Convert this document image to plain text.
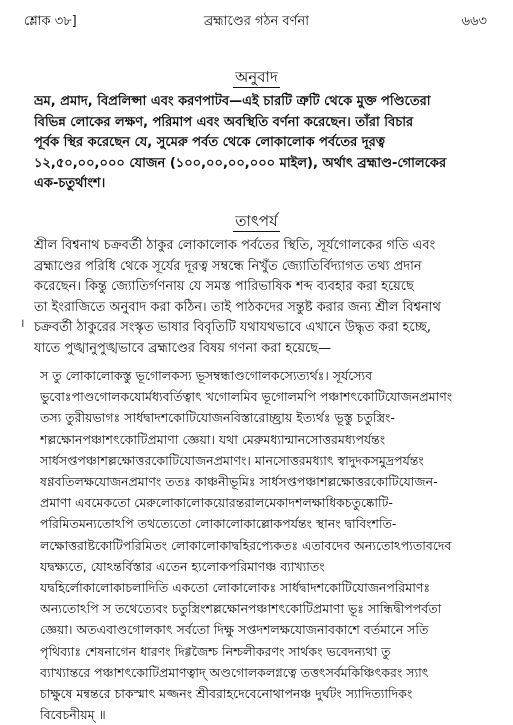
শ্লোক ৩৮]	ব্রহ্মাণ্ডের গঠন বর্ণনা	৬৬৩
অনুবাদ
ভ্রম, প্রমাদ, বিপ্রলিপ্সা এবং করণপাটব—এই চারটি ত্রুটি থেকে মুক্ত পণ্ডিতেরা
বিভিন্ন লোকের লক্ষণ, পরিমাপ এবং অবস্থিতি বর্ণনা করেছেন। তাঁরা বিচার
পূর্বক স্থির করেছেন যে, সুমেরু পর্বত থেকে লোকালোক পর্বতের দূরত্ব
১২,৫০,০০,০০০ যোজন (১০০,০০,০০,০০০ মাইল), অর্থাৎ ব্রহ্মাণ্ড-গোলকের
এক-চতুর্থাংশ।
তাৎপর্য
শ্রীল বিশ্বনাথ চক্রবর্তী ঠাকুর লোকালোক পর্বতের স্থিতি, সূর্যগোলকের গতি এবং
ব্রহ্মাণ্ডের পরিধি থেকে সূর্যের দূরত্ব সম্বন্ধে নিখুঁত জ্যোতির্বিদ্যাগত তথ্য প্রদান
করেছেন। কিন্তু জ্যোতির্গণনায় যে সমস্ত পারিভাষিক শব্দ ব্যবহার করা হয়েছে
তা ইংরাজিতে অনুবাদ করা কঠিন। তাই পাঠকদের সন্তুষ্ট করার জন্য শ্রীল বিশ্বনাথ
চক্রবর্তী ঠাকুরের সংস্কৃত ভাষার বিবৃতিটি যথাযথভাবে এখানে উদ্ধৃত করা হচ্ছে,
যাতে পুঙ্খানুপুঙ্খভাবে ব্রহ্মাণ্ডের বিষয় গণনা করা হয়েছে—
।
স তু লোকালোকস্তু ভূগোলকস্য ভূসম্বন্ধাণ্ডগোলকস্যেত্যর্থঃ। সূর্যস্যেব
ভুবোঃপাণ্ডগোলকযোর্মধ্যবর্তিত্বাৎ খগোলমিব ভূগোলমপি পঞ্চাশৎকোটিযোজনপ্রমাণং
তস্য তুরীয়ভাগঃ সার্ধদ্বাদশকোটিযোজনবিস্তারোচ্ছ্রায় ইত্যর্থঃ ভূস্তু চতুস্ত্রিং-
শল্লক্ষোনপঞ্চাশৎকোটিপ্রমাণা জ্ঞেয়া। যথা মেরুমধ্যান্মানসোত্তরমধ্যপর্যন্তং
সার্ধসপ্তপঞ্চাশল্লক্ষোত্তরকোটিযোজনপ্রমাণং। মানসোত্তরমধ্যাৎ স্বাদুদকসমুদ্রপর্যন্তং
ষণ্ণবতিলক্ষযোজনপ্রমাণং ততঃ কাঞ্চনীভূমিঃ সার্ধসপ্তপঞ্চাশল্লক্ষোত্তরকোটিযোজন-
প্রমাণা এবমেকতো মেরুলোকালোকয়োরন্তরালমেকাদশলক্ষাধিকচতুষ্কোটি-
পরিমিতমন্যতোঽপি তথত্যেতো লোকালোকাল্লোকপর্যন্তং স্থানং দ্বাবিংশতি-
লক্ষোত্তরাষ্টকোটিপরিমিতং লোকালোকাদ্বহিরপ্যেকতঃ এতাবদেব অন্যতোঽপ্যতাবদেব
যদ্বক্ষ্যতে, যোঽন্তর্বিস্তার এতেন হ্যলোকপরিমাণঞ্চ ব্যাখ্যাতং
যদ্বহির্লোকালোকাচলাদিতি একতো লোকালোকঃ সার্ধদ্বাদশকোটিযোজনপরিমাণঃ
অন্যতোঽপি স তথেত্যেবং চতুস্ত্রিংশল্লক্ষোনপঞ্চাশৎকোটিপ্রমাণা ভূঃ সান্ধিদ্বীপপর্বতা
জ্ঞেয়া। অতএবাণ্ডগোলকাৎ সর্বতো দিক্ষু সপ্তদশলক্ষযোজনাবকাশে বর্তমানে সতি
পৃথিব্যাঃ শেষনাগেন ধারণং দিগ্গজৈশ্চ নিশ্চলীকরণং সার্থকং ভবেদন্যথা তু
ব্যাখ্যান্তরে পঞ্চাশৎকোটিপ্রমাণত্বাদ্ অণ্ডগোলকলগ্নত্বে তত্তৎসর্বমকিঞ্চিৎকরং স্যাৎ
চাক্ষুষে মন্বন্তরে চাকস্মাৎ মজ্জনং শ্রীবরাহদেবেনোথাপনঞ্চ দুর্ঘটং স্যাদিত্যাদিকং
বিবেচনীয়ম্ ॥
